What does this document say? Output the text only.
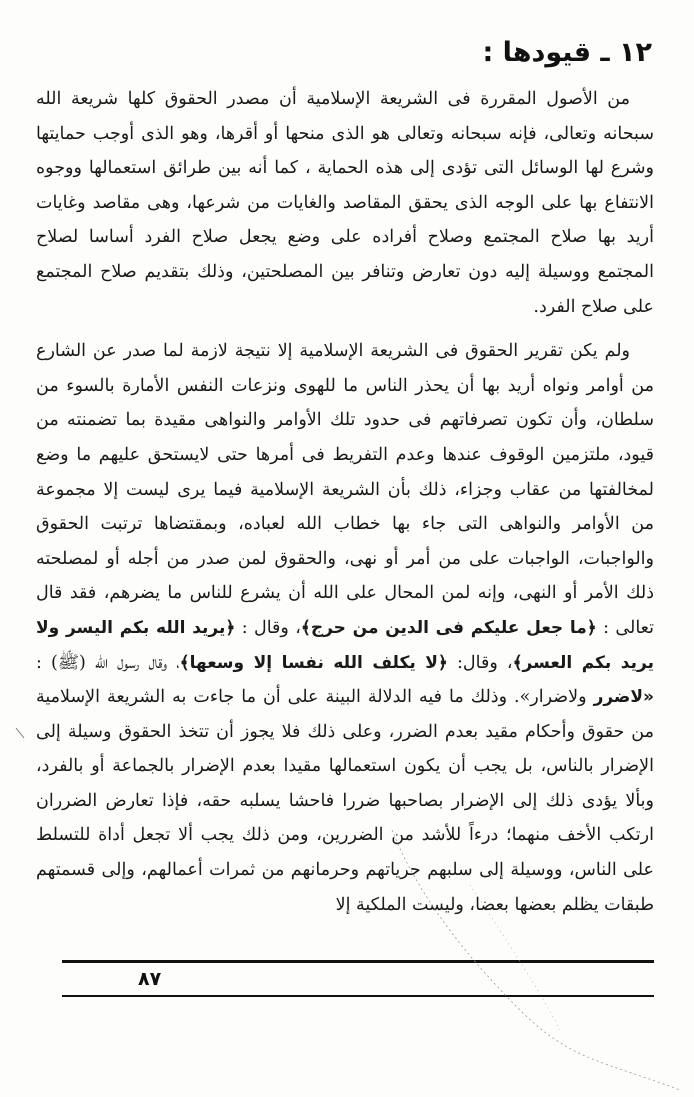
١٢ ـ قيودها :

من الأصول المقررة فى الشريعة الإسلامية أن مصدر الحقوق كلها شريعة الله سبحانه وتعالى، فإنه سبحانه وتعالى هو الذى منحها أو أقرها، وهو الذى أوجب حمايتها وشرع لها الوسائل التى تؤدى إلى هذه الحماية ، كما أنه بين طرائق استعمالها ووجوه الانتفاع بها على الوجه الذى يحقق المقاصد والغايات من شرعها، وهى مقاصد وغايات أريد بها صلاح المجتمع وصلاح أفراده على وضع يجعل صلاح الفرد أساسا لصلاح المجتمع ووسيلة إليه دون تعارض وتنافر بين المصلحتين، وذلك بتقديم صلاح المجتمع على صلاح الفرد.

ولم يكن تقرير الحقوق فى الشريعة الإسلامية إلا نتيجة لازمة لما صدر عن الشارع من أوامر ونواه أريد بها أن يحذر الناس ما للهوى ونزعات النفس الأمارة بالسوء من سلطان، وأن تكون تصرفاتهم فى حدود تلك الأوامر والنواهى مقيدة بما تضمنته من قيود، ملتزمين الوقوف عندها وعدم التفريط فى أمرها حتى لايستحق عليهم ما وضع لمخالفتها من عقاب وجزاء، ذلك بأن الشريعة الإسلامية فيما يرى ليست إلا مجموعة من الأوامر والنواهى التى جاء بها خطاب الله لعباده، وبمقتضاها ترتبت الحقوق والواجبات، الواجبات على من أمر أو نهى، والحقوق لمن صدر من أجله أو لمصلحته ذلك الأمر أو النهى، وإنه لمن المحال على الله أن يشرع للناس ما يضرهم، فقد قال تعالى : ﴿ما جعل عليكم فى الدين من حرج﴾، وقال : ﴿يريد الله بكم اليسر ولا يريد بكم العسر﴾، وقال: ﴿لا يكلف الله نفسا إلا وسعها﴾، وقال رسول الله (ﷺ) : «لاضرر ولاضرار». وذلك ما فيه الدلالة البينة على أن ما جاءت به الشريعة الإسلامية من حقوق وأحكام مقيد بعدم الضرر، وعلى ذلك فلا يجوز أن تتخذ الحقوق وسيلة إلى الإضرار بالناس، بل يجب أن يكون استعمالها مقيدا بعدم الإضرار بالجماعة أو بالفرد، وبألا يؤدى ذلك إلى الإضرار بصاحبها ضررا فاحشا يسلبه حقه، فإذا تعارض الضرران ارتكب الأخف منهما؛ درءاً للأشد من الضررين، ومن ذلك يجب ألا تجعل أداة للتسلط على الناس، ووسيلة إلى سلبهم حرياتهم وحرمانهم من ثمرات أعمالهم، وإلى قسمتهم طبقات يظلم بعضها بعضا، وليست الملكية إلا

٨٧
